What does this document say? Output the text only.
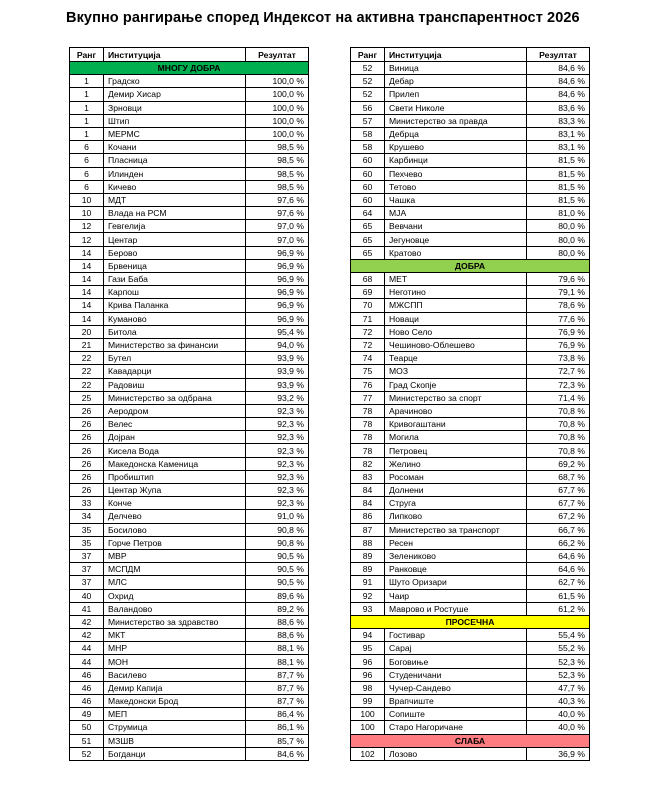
Вкупно рангирање според Индексот на активна транспарентност 2026
Ранг	Институција	Резултат
МНОГУ ДОБРА		
1	Градско	100,0 %
1	Демир Хисар	100,0 %
1	Зрновци	100,0 %
1	Штип	100,0 %
1	МЕРМС	100,0 %
6	Кочани	98,5 %
6	Пласница	98,5 %
6	Илинден	98,5 %
6	Кичево	98,5 %
10	МДТ	97,6 %
10	Влада на РСМ	97,6 %
12	Гевгелија	97,0 %
12	Центар	97,0 %
14	Берово	96,9 %
14	Брвеница	96,9 %
14	Гази Баба	96,9 %
14	Карпош	96,9 %
14	Крива Паланка	96,9 %
14	Куманово	96,9 %
20	Битола	95,4 %
21	Министерство за финансии	94,0 %
22	Бутел	93,9 %
22	Кавадарци	93,9 %
22	Радовиш	93,9 %
25	Министерство за одбрана	93,2 %
26	Аеродром	92,3 %
26	Велес	92,3 %
26	Дојран	92,3 %
26	Кисела Вода	92,3 %
26	Македонска Каменица	92,3 %
26	Пробиштип	92,3 %
26	Центар Жупа	92,3 %
33	Конче	92,3 %
34	Делчево	91,0 %
35	Босилово	90,8 %
35	Горче Петров	90,8 %
37	МВР	90,5 %
37	МСПДМ	90,5 %
37	МЛС	90,5 %
40	Охрид	89,6 %
41	Валандово	89,2 %
42	Министерство за здравство	88,6 %
42	МКТ	88,6 %
44	МНР	88,1 %
44	МОН	88,1 %
46	Василево	87,7 %
46	Демир Капија	87,7 %
46	Македонски Брод	87,7 %
49	МЕП	86,4 %
50	Струмица	86,1 %
51	МЗШВ	85,7 %
52	Богданци	84,6 %
Ранг	Институција	Резултат
52	Виница	84,6 %
52	Дебар	84,6 %
52	Прилеп	84,6 %
56	Свети Николе	83,6 %
57	Министерство за правда	83,3 %
58	Дебрца	83,1 %
58	Крушево	83,1 %
60	Карбинци	81,5 %
60	Пехчево	81,5 %
60	Тетово	81,5 %
60	Чашка	81,5 %
64	МЈА	81,0 %
65	Вевчани	80,0 %
65	Јегуновце	80,0 %
65	Кратово	80,0 %
ДОБРА		
68	МЕТ	79,6 %
69	Неготино	79,1 %
70	МЖСПП	78,6 %
71	Новаци	77,6 %
72	Ново Село	76,9 %
72	Чешиново-Облешево	76,9 %
74	Теарце	73,8 %
75	МОЗ	72,7 %
76	Град Скопје	72,3 %
77	Министерство за спорт	71,4 %
78	Арачиново	70,8 %
78	Кривогаштани	70,8 %
78	Могила	70,8 %
78	Петровец	70,8 %
82	Желино	69,2 %
83	Росоман	68,7 %
84	Долнени	67,7 %
84	Струга	67,7 %
86	Липково	67,2 %
87	Министерство за транспорт	66,7 %
88	Ресен	66,2 %
89	Зелениково	64,6 %
89	Ранковце	64,6 %
91	Шуто Оризари	62,7 %
92	Чаир	61,5 %
93	Маврово и Ростуше	61,2 %
ПРОСЕЧНА		
94	Гостивар	55,4 %
95	Сарај	55,2 %
96	Боговиње	52,3 %
96	Студеничани	52,3 %
98	Чучер-Сандево	47,7 %
99	Врапчиште	40,3 %
100	Сопиште	40,0 %
100	Старо Нагоричане	40,0 %
СЛАБА		
102	Лозово	36,9 %
